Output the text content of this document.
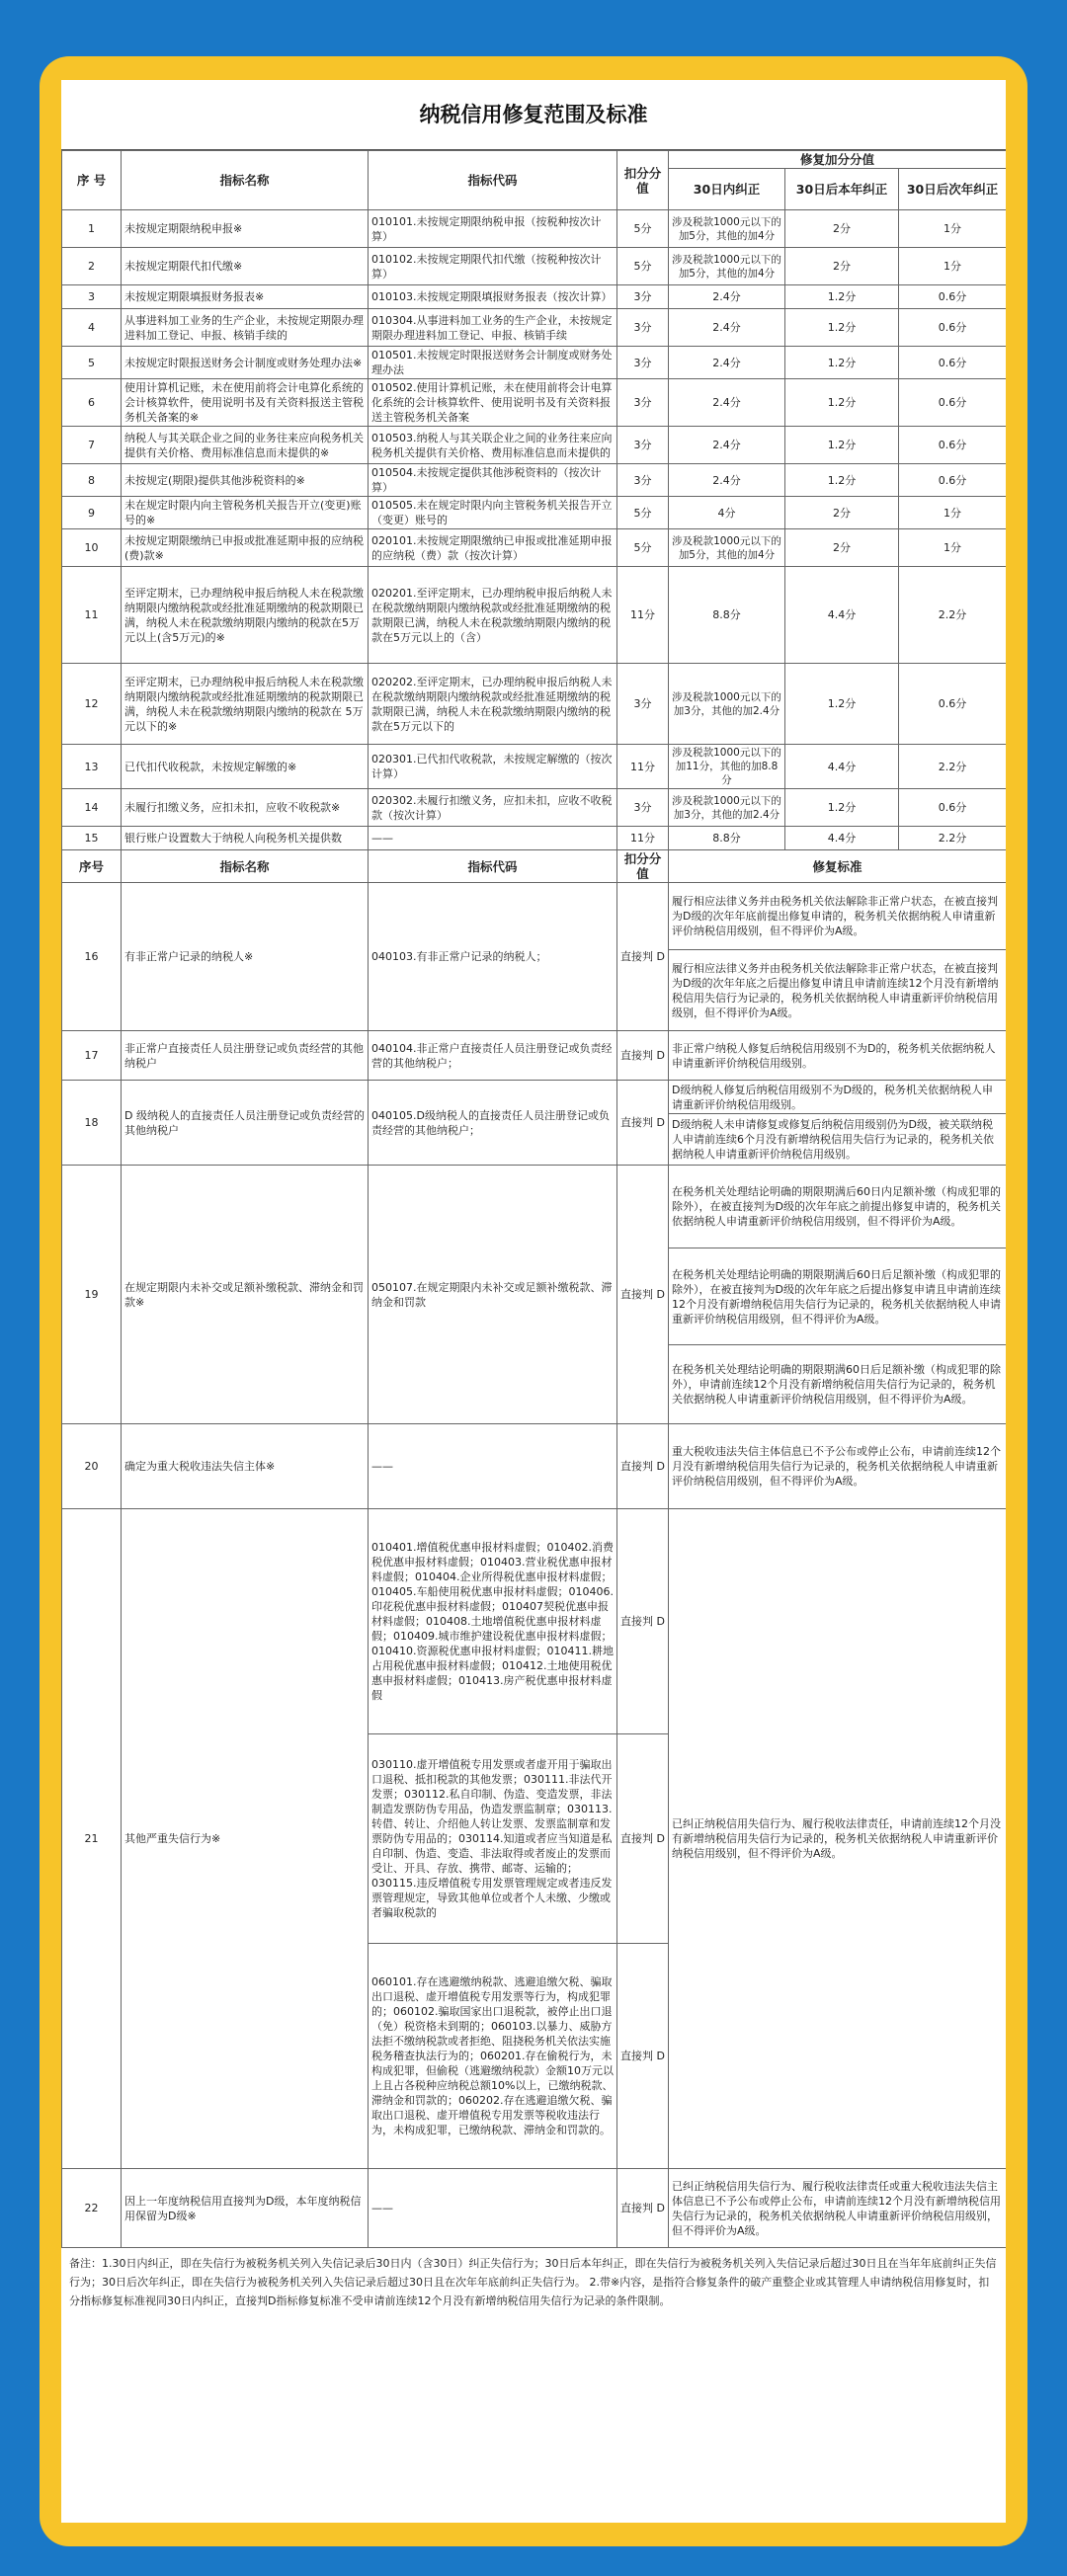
纳税信用修复范围及标准
序 号	指标名称	指标代码	扣分分值	修复加分分值		
				30日内纠正	30日后本年纠正	30日后次年纠正
1	未按规定期限纳税申报※	010101.未按规定期限纳税申报（按税种按次计算）	5分	涉及税款1000元以下的加5分，其他的加4分	2分	1分
2	未按规定期限代扣代缴※	010102.未按规定期限代扣代缴（按税种按次计算）	5分	涉及税款1000元以下的加5分，其他的加4分	2分	1分
3	未按规定期限填报财务报表※	010103.未按规定期限填报财务报表（按次计算）	3分	2.4分	1.2分	0.6分
4	从事进料加工业务的生产企业，未按规定期限办理进料加工登记、申报、核销手续的	010304.从事进料加工业务的生产企业，未按规定期限办理进料加工登记、申报、核销手续	3分	2.4分	1.2分	0.6分
5	未按规定时限报送财务会计制度或财务处理办法※	010501.未按规定时限报送财务会计制度或财务处理办法	3分	2.4分	1.2分	0.6分
6	使用计算机记账，未在使用前将会计电算化系统的会计核算软件，使用说明书及有关资料报送主管税务机关备案的※	010502.使用计算机记账，未在使用前将会计电算化系统的会计核算软件、使用说明书及有关资料报送主管税务机关备案	3分	2.4分	1.2分	0.6分
7	纳税人与其关联企业之间的业务往来应向税务机关提供有关价格、费用标准信息而未提供的※	010503.纳税人与其关联企业之间的业务往来应向税务机关提供有关价格、费用标准信息而未提供的	3分	2.4分	1.2分	0.6分
8	未按规定(期限)提供其他涉税资料的※	010504.未按规定提供其他涉税资料的（按次计算）	3分	2.4分	1.2分	0.6分
9	未在规定时限内向主管税务机关报告开立(变更)账号的※	010505.未在规定时限内向主管税务机关报告开立（变更）账号的	5分	4分	2分	1分
10	未按规定期限缴纳已申报或批准延期申报的应纳税(费)款※	020101.未按规定期限缴纳已申报或批准延期申报的应纳税（费）款（按次计算）	5分	涉及税款1000元以下的加5分，其他的加4分	2分	1分
11	至评定期末，已办理纳税申报后纳税人未在税款缴纳期限内缴纳税款或经批准延期缴纳的税款期限已满，纳税人未在税款缴纳期限内缴纳的税款在5万元以上(含5万元)的※	020201.至评定期末，已办理纳税申报后纳税人未在税款缴纳期限内缴纳税款或经批准延期缴纳的税款期限已满，纳税人未在税款缴纳期限内缴纳的税款在5万元以上的（含）	11分	8.8分	4.4分	2.2分
12	至评定期末，已办理纳税申报后纳税人未在税款缴纳期限内缴纳税款或经批准延期缴纳的税款期限已满，纳税人未在税款缴纳期限内缴纳的税款在 5万元以下的※	020202.至评定期末，已办理纳税申报后纳税人未在税款缴纳期限内缴纳税款或经批准延期缴纳的税款期限已满，纳税人未在税款缴纳期限内缴纳的税款在5万元以下的	3分	涉及税款1000元以下的加3分，其他的加2.4分	1.2分	0.6分
13	已代扣代收税款，未按规定解缴的※	020301.已代扣代收税款，未按规定解缴的（按次计算）	11分	涉及税款1000元以下的加11分，其他的加8.8分	4.4分	2.2分
14	未履行扣缴义务，应扣未扣，应收不收税款※	020302.未履行扣缴义务，应扣未扣，应收不收税款（按次计算）	3分	涉及税款1000元以下的加3分，其他的加2.4分	1.2分	0.6分
15	银行账户设置数大于纳税人向税务机关提供数	——	11分	8.8分	4.4分	2.2分
序号	指标名称	指标代码	扣分分值	修复标准
16	有非正常户记录的纳税人※	040103.有非正常户记录的纳税人；	直接判 D	履行相应法律义务并由税务机关依法解除非正常户状态，在被直接判为D级的次年年底前提出修复申请的，税务机关依据纳税人申请重新评价纳税信用级别，但不得评价为A级。
				履行相应法律义务并由税务机关依法解除非正常户状态，在被直接判为D级的次年年底之后提出修复申请且申请前连续12个月没有新增纳税信用失信行为记录的，税务机关依据纳税人申请重新评价纳税信用级别，但不得评价为A级。
17	非正常户直接责任人员注册登记或负责经营的其他纳税户	040104.非正常户直接责任人员注册登记或负责经营的其他纳税户；	直接判 D	非正常户纳税人修复后纳税信用级别不为D的，税务机关依据纳税人申请重新评价纳税信用级别。
18	D 级纳税人的直接责任人员注册登记或负责经营的其他纳税户	040105.D级纳税人的直接责任人员注册登记或负责经营的其他纳税户；	直接判 D	D级纳税人修复后纳税信用级别不为D级的，税务机关依据纳税人申请重新评价纳税信用级别。
				D级纳税人未申请修复或修复后纳税信用级别仍为D级，被关联纳税人申请前连续6个月没有新增纳税信用失信行为记录的，税务机关依据纳税人申请重新评价纳税信用级别。
19	在规定期限内未补交或足额补缴税款、滞纳金和罚款※	050107.在规定期限内未补交或足额补缴税款、滞纳金和罚款	直接判 D	在税务机关处理结论明确的期限期满后60日内足额补缴（构成犯罪的除外），在被直接判为D级的次年年底之前提出修复申请的，税务机关依据纳税人申请重新评价纳税信用级别，但不得评价为A级。
				在税务机关处理结论明确的期限期满后60日后足额补缴（构成犯罪的除外），在被直接判为D级的次年年底之后提出修复申请且申请前连续12个月没有新增纳税信用失信行为记录的，税务机关依据纳税人申请重新评价纳税信用级别，但不得评价为A级。
				在税务机关处理结论明确的期限期满60日后足额补缴（构成犯罪的除外），申请前连续12个月没有新增纳税信用失信行为记录的，税务机关依据纳税人申请重新评价纳税信用级别，但不得评价为A级。
20	确定为重大税收违法失信主体※	——	直接判 D	重大税收违法失信主体信息已不予公布或停止公布，申请前连续12个月没有新增纳税信用失信行为记录的，税务机关依据纳税人申请重新评价纳税信用级别，但不得评价为A级。
21	其他严重失信行为※	010401.增值税优惠申报材料虚假；010402.消费税优惠申报材料虚假；010403.营业税优惠申报材料虚假；010404.企业所得税优惠申报材料虚假；010405.车船使用税优惠申报材料虚假；010406.印花税优惠申报材料虚假；010407契税优惠申报材料虚假；010408.土地增值税优惠申报材料虚假；010409.城市维护建设税优惠申报材料虚假；010410.资源税优惠申报材料虚假；010411.耕地占用税优惠申报材料虚假；010412.土地使用税优惠申报材料虚假；010413.房产税优惠申报材料虚假	直接判 D	已纠正纳税信用失信行为、履行税收法律责任，申请前连续12个月没有新增纳税信用失信行为记录的，税务机关依据纳税人申请重新评价纳税信用级别，但不得评价为A级。
		030110.虚开增值税专用发票或者虚开用于骗取出口退税、抵扣税款的其他发票；030111.非法代开发票；030112.私自印制、伪造、变造发票，非法制造发票防伪专用品，伪造发票监制章；030113.转借、转让、介绍他人转让发票、发票监制章和发票防伪专用品的；030114.知道或者应当知道是私自印制、伪造、变造、非法取得或者废止的发票而受让、开具、存放、携带、邮寄、运输的；030115.违反增值税专用发票管理规定或者违反发票管理规定，导致其他单位或者个人未缴、少缴或者骗取税款的	直接判 D	
		060101.存在逃避缴纳税款、逃避追缴欠税、骗取出口退税、虚开增值税专用发票等行为，构成犯罪的；060102.骗取国家出口退税款，被停止出口退（免）税资格未到期的；060103.以暴力、威胁方法拒不缴纳税款或者拒绝、阻挠税务机关依法实施税务稽查执法行为的；060201.存在偷税行为，未构成犯罪，但偷税（逃避缴纳税款）金额10万元以上且占各税种应纳税总额10%以上，已缴纳税款、滞纳金和罚款的；060202.存在逃避追缴欠税、骗取出口退税、虚开增值税专用发票等税收违法行为，未构成犯罪，已缴纳税款、滞纳金和罚款的。	直接判 D	
22	因上一年度纳税信用直接判为D级，本年度纳税信用保留为D级※	——	直接判 D	已纠正纳税信用失信行为、履行税收法律责任或重大税收违法失信主体信息已不予公布或停止公布，申请前连续12个月没有新增纳税信用失信行为记录的，税务机关依据纳税人申请重新评价纳税信用级别，但不得评价为A级。
备注：1.30日内纠正，即在失信行为被税务机关列入失信记录后30日内（含30日）纠正失信行为；30日后本年纠正，即在失信行为被税务机关列入失信记录后超过30日且在当年年底前纠正失信行为；30日后次年纠正，即在失信行为被税务机关列入失信记录后超过30日且在次年年底前纠正失信行为。 2.带※内容，是指符合修复条件的破产重整企业或其管理人申请纳税信用修复时，扣分指标修复标准视同30日内纠正，直接判D指标修复标准不受申请前连续12个月没有新增纳税信用失信行为记录的条件限制。
